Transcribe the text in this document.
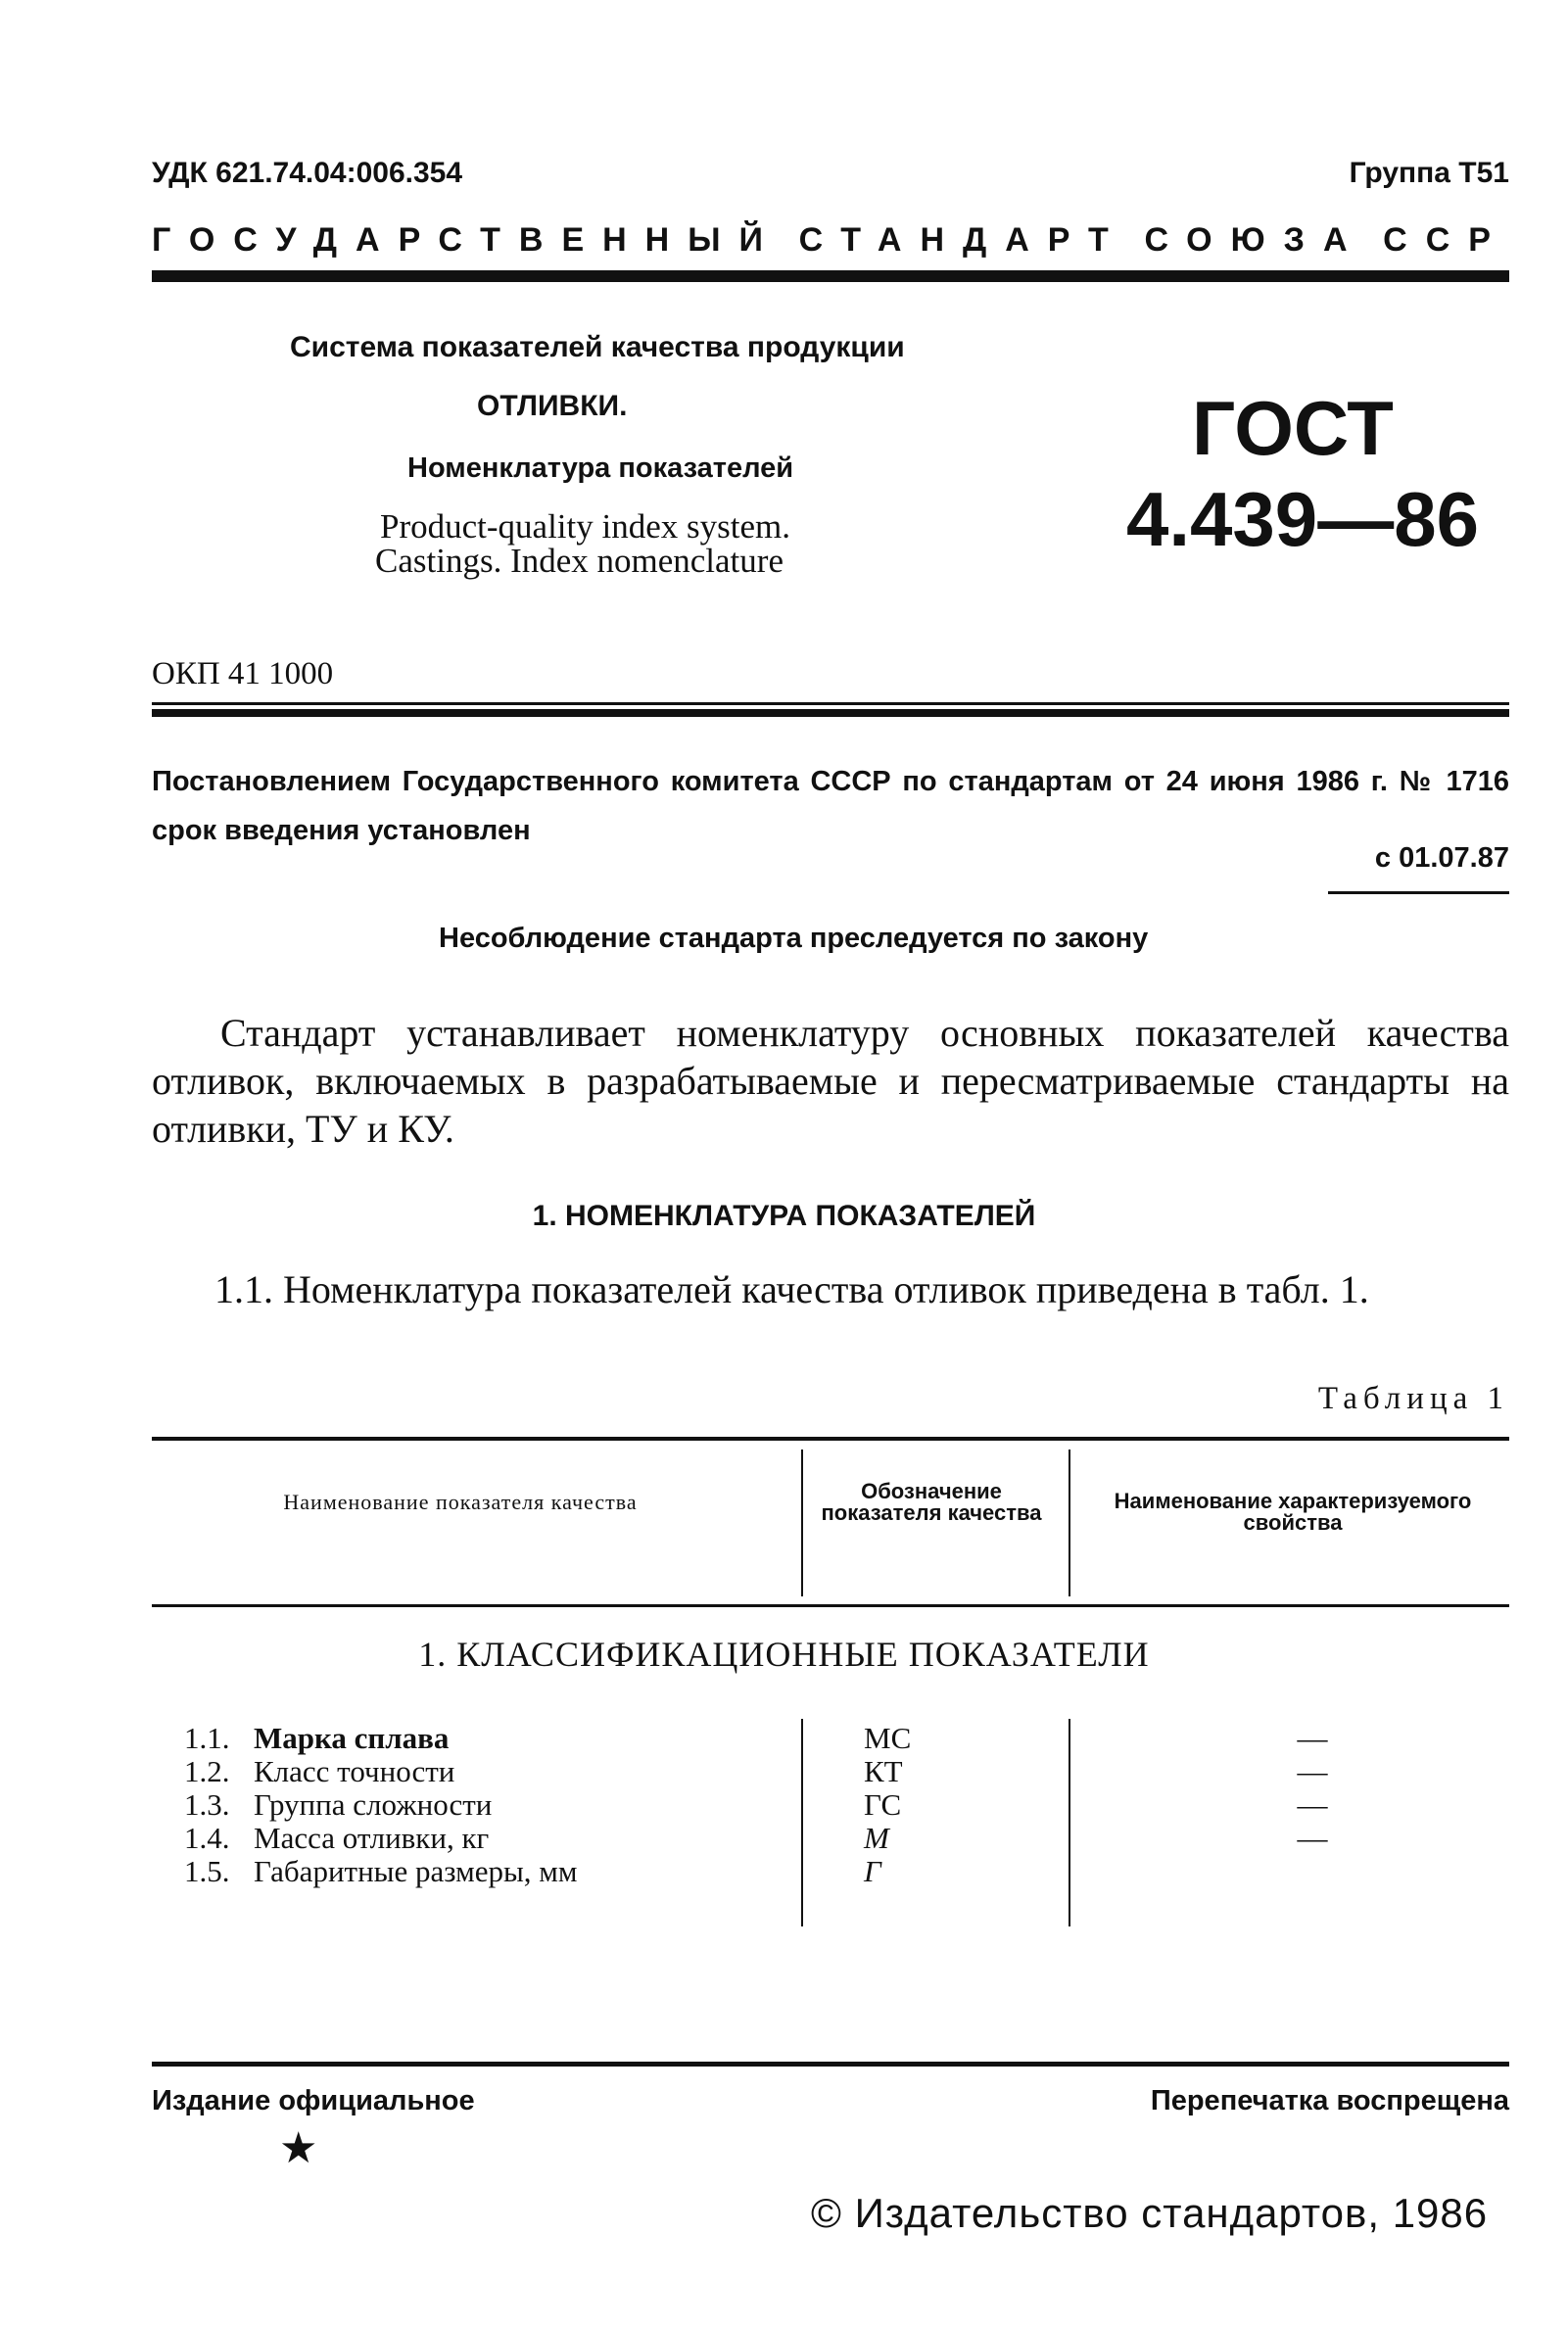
УДК 621.74.04:006.354	Группа Т51
ГОСУДАРСТВЕННЫЙ СТАНДАРТ СОЮЗА ССР
Система показателей качества продукции
ОТЛИВКИ.
Номенклатура показателей
Product-quality index system.
Castings. Index nomenclature
ГОСТ
4.439—86
ОКП 41 1000
Постановлением Государственного комитета СССР по стандартам от 24 июня 1986 г. № 1716 срок введения установлен
с 01.07.87
Несоблюдение стандарта преследуется по закону
Стандарт устанавливает номенклатуру основных показателей качества отливок, включаемых в разрабатываемые и пересматриваемые стандарты на отливки, ТУ и КУ.
1. НОМЕНКЛАТУРА ПОКАЗАТЕЛЕЙ
1.1. Номенклатура показателей качества отливок приведена в табл. 1.
Таблица 1
Наименование показателя качества	Обозначение показателя качества	Наименование характеризуемого свойства
1. КЛАССИФИКАЦИОННЫЕ ПОКАЗАТЕЛИ
1.1. Марка сплава	МС	—
1.2. Класс точности	КТ	—
1.3. Группа сложности	ГС	—
1.4. Масса отливки, кг	М	—
1.5. Габаритные размеры, мм	Г
Издание официальное	Перепечатка воспрещена
★
© Издательство стандартов, 1986
